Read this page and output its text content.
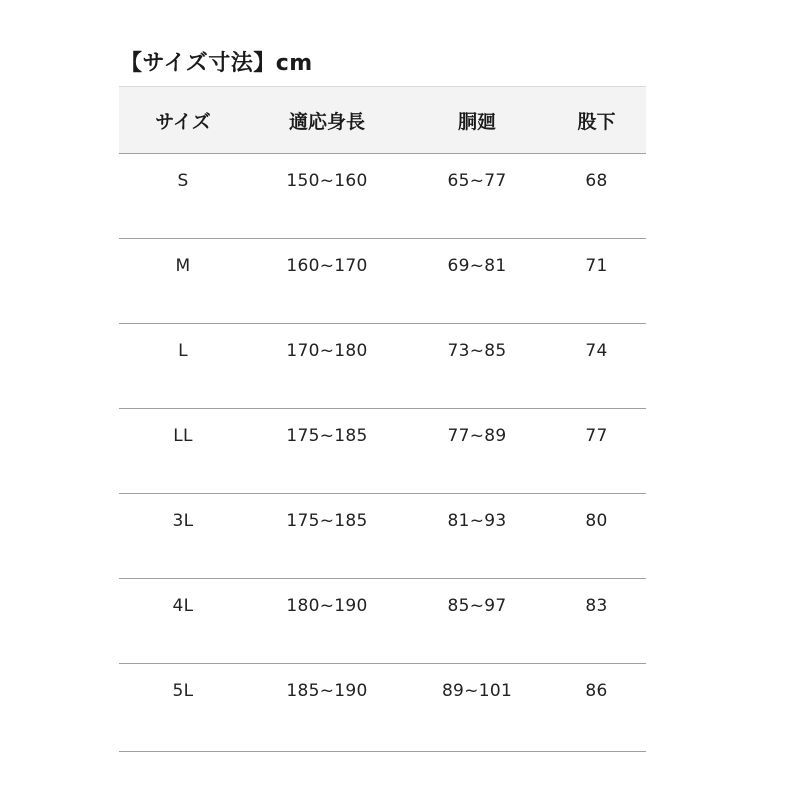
【サイズ寸法】cm
サイズ	適応身長	胴廻	股下
S	150~160	65~77	68
M	160~170	69~81	71
L	170~180	73~85	74
LL	175~185	77~89	77
3L	175~185	81~93	80
4L	180~190	85~97	83
5L	185~190	89~101	86
